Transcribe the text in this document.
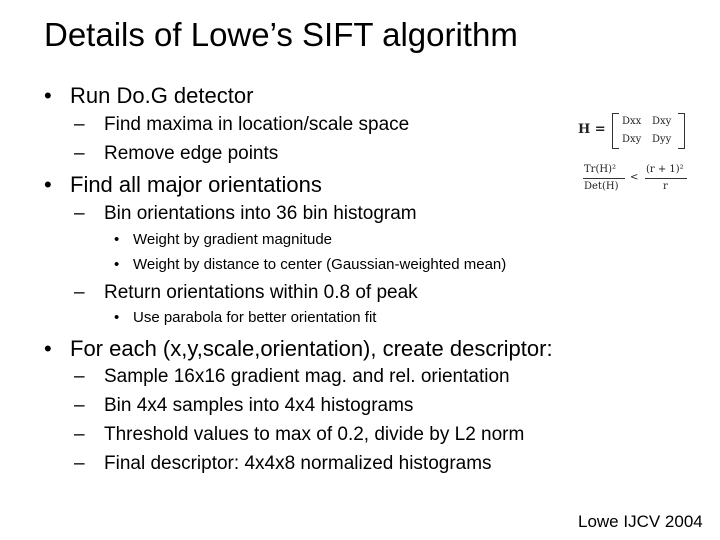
Details of Lowe’s SIFT algorithm
• Run Do.G detector
– Find maxima in location/scale space
– Remove edge points
• Find all major orientations
– Bin orientations into 36 bin histogram
• Weight by gradient magnitude
• Weight by distance to center (Gaussian-weighted mean)
– Return orientations within 0.8 of peak
• Use parabola for better orientation fit
• For each (x,y,scale,orientation), create descriptor:
– Sample 16x16 gradient mag. and rel. orientation
– Bin 4x4 samples into 4x4 histograms
– Threshold values to max of 0.2, divide by L2 norm
– Final descriptor: 4x4x8 normalized histograms
H =
Dxx Dxy
Dxy Dyy
Tr(H)²
Det(H)
<
(r + 1)²
r
Lowe IJCV 2004
